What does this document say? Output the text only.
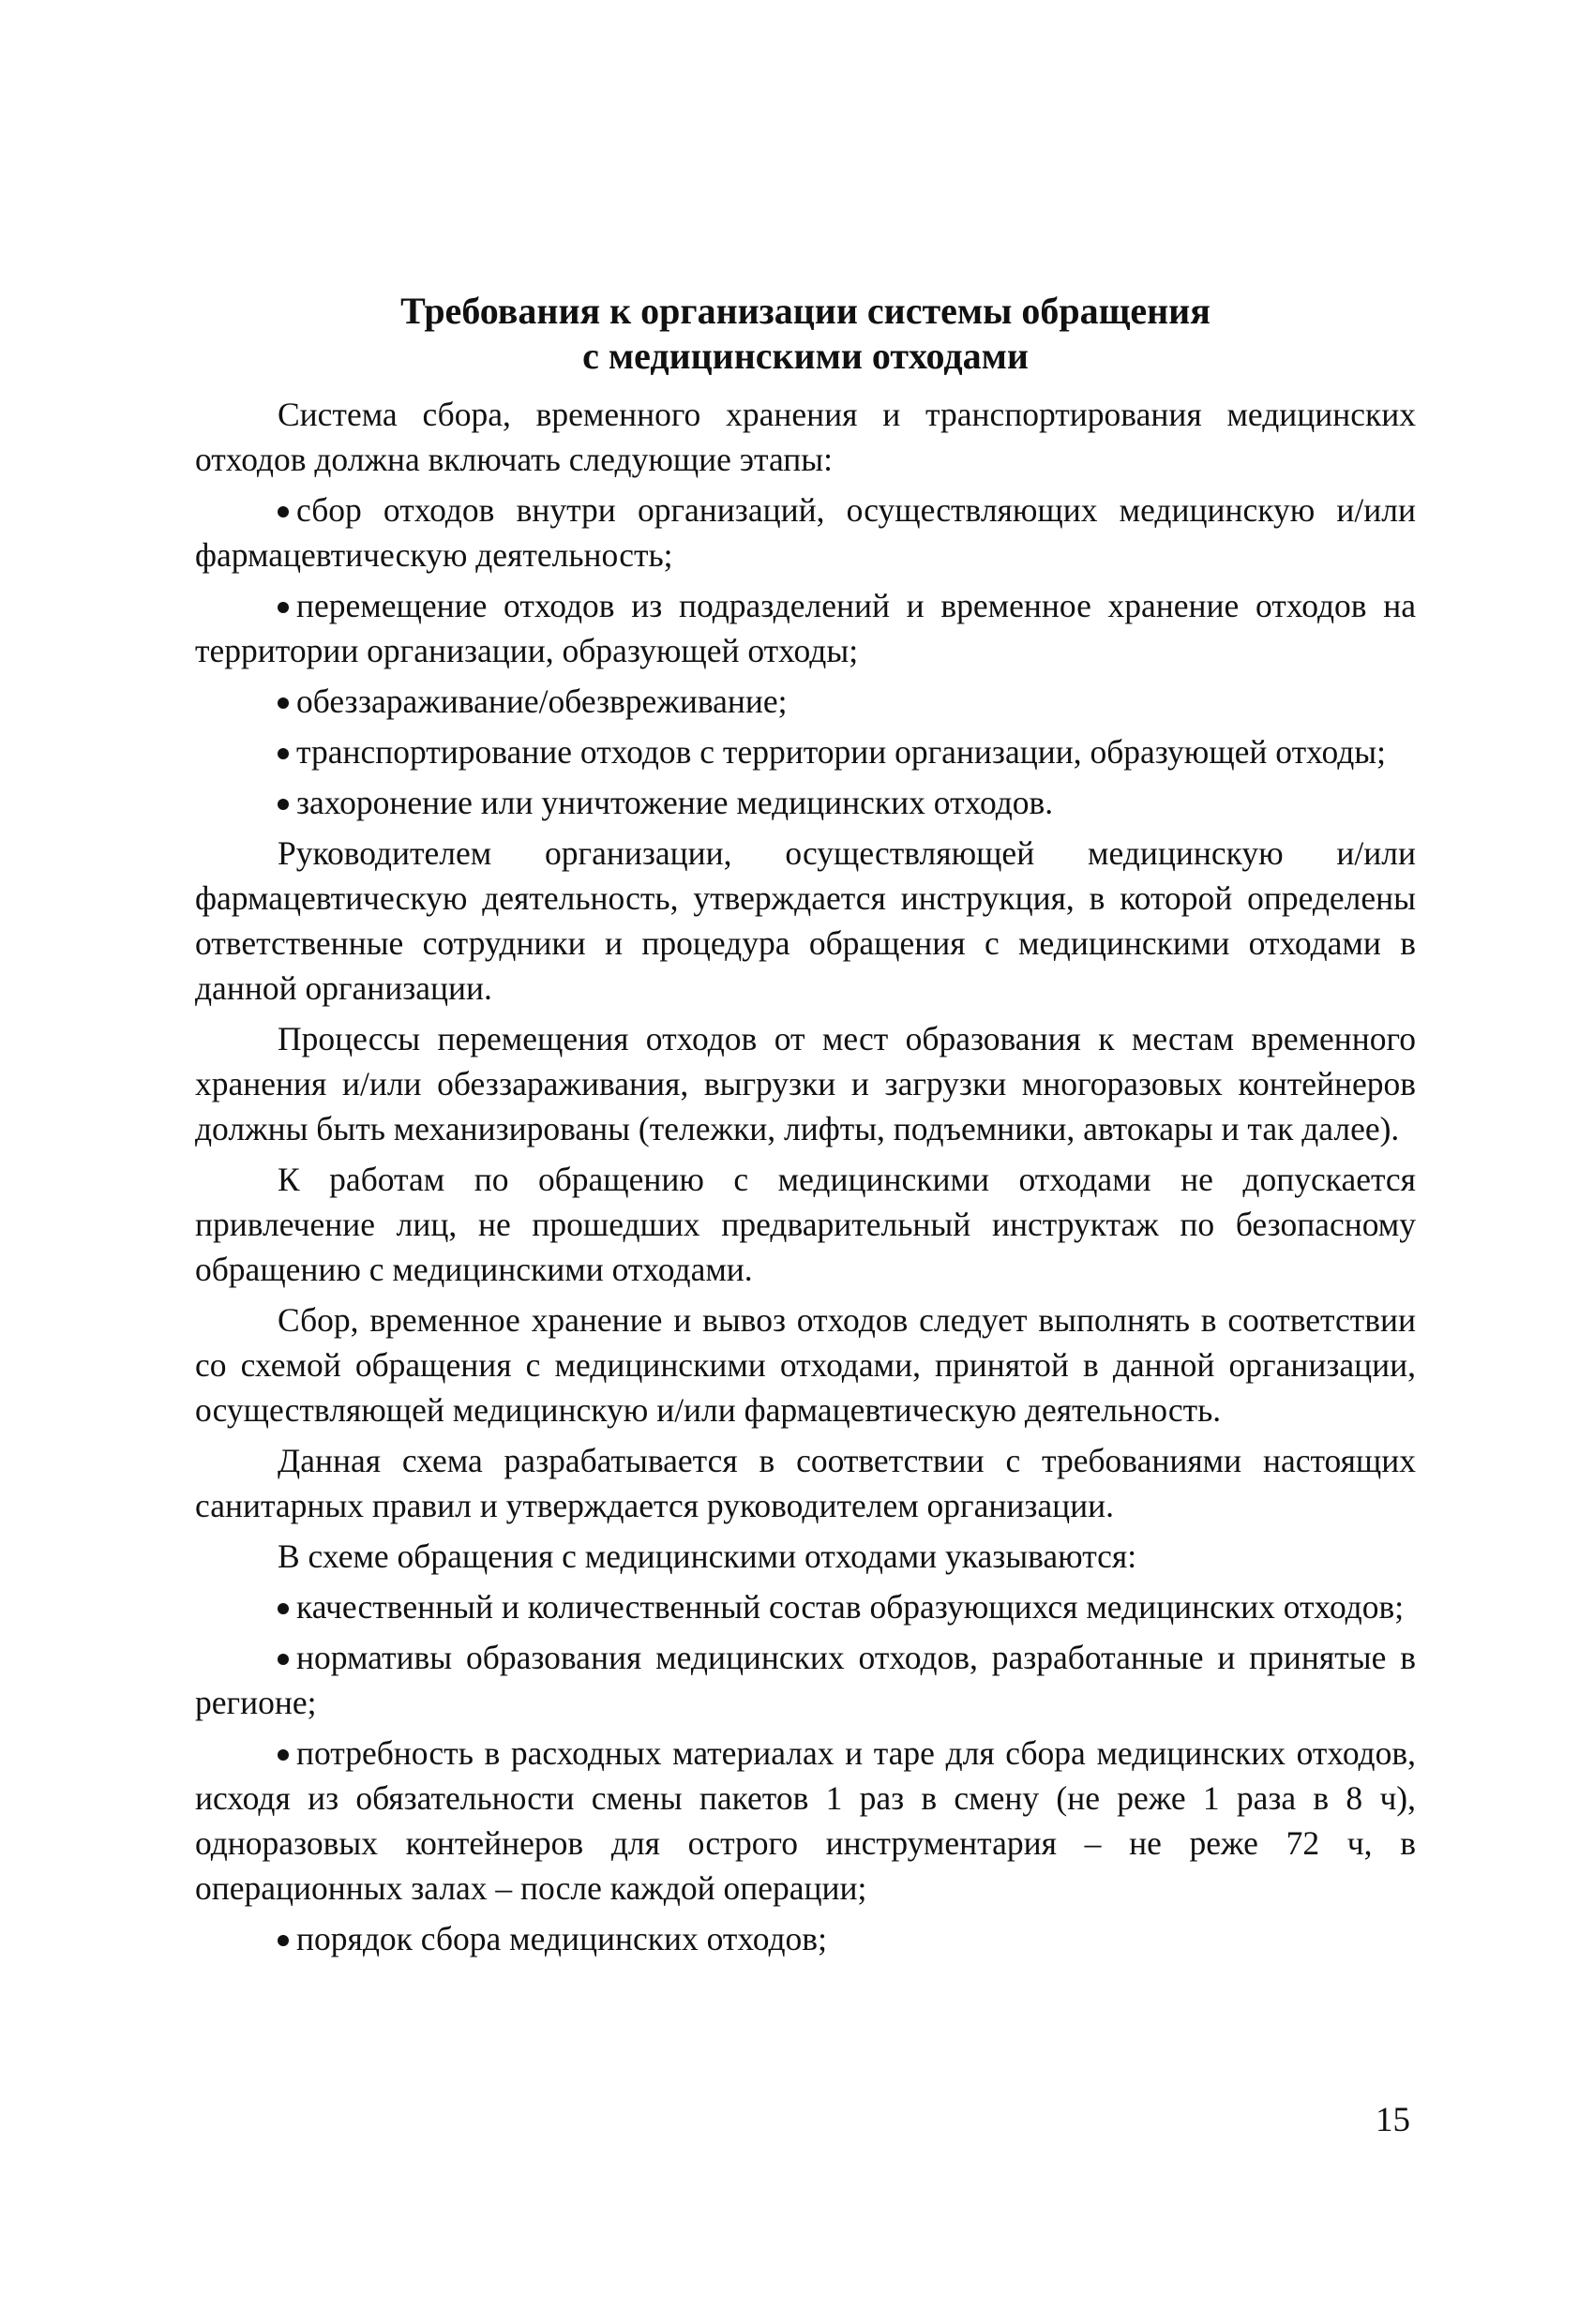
Требования к организации системы обращения
с медицинскими отходами

Система сбора, временного хранения и транспортирования медицинских отходов должна включать следующие этапы:

сбор отходов внутри организаций, осуществляющих медицинскую и/или фармацевтическую деятельность;

перемещение отходов из подразделений и временное хранение отходов на территории организации, образующей отходы;

обеззараживание/обезвреживание;

транспортирование отходов с территории организации, образующей отходы;

захоронение или уничтожение медицинских отходов.

Руководителем организации, осуществляющей медицинскую и/или фармацевтическую деятельность, утверждается инструкция, в которой определены ответственные сотрудники и процедура обращения с медицинскими отходами в данной организации.

Процессы перемещения отходов от мест образования к местам временного хранения и/или обеззараживания, выгрузки и загрузки многоразовых контейнеров должны быть механизированы (тележки, лифты, подъемники, автокары и так далее).

К работам по обращению с медицинскими отходами не допускается привлечение лиц, не прошедших предварительный инструктаж по безопасному обращению с медицинскими отходами.

Сбор, временное хранение и вывоз отходов следует выполнять в соответствии со схемой обращения с медицинскими отходами, принятой в данной организации, осуществляющей медицинскую и/или фармацевтическую деятельность.

Данная схема разрабатывается в соответствии с требованиями настоящих санитарных правил и утверждается руководителем организации.

В схеме обращения с медицинскими отходами указываются:

качественный и количественный состав образующихся медицинских отходов;

нормативы образования медицинских отходов, разработанные и принятые в регионе;

потребность в расходных материалах и таре для сбора медицинских отходов, исходя из обязательности смены пакетов 1 раз в смену (не реже 1 раза в 8 ч), одноразовых контейнеров для острого инструментария – не реже 72 ч, в операционных залах – после каждой операции;

порядок сбора медицинских отходов;

15
